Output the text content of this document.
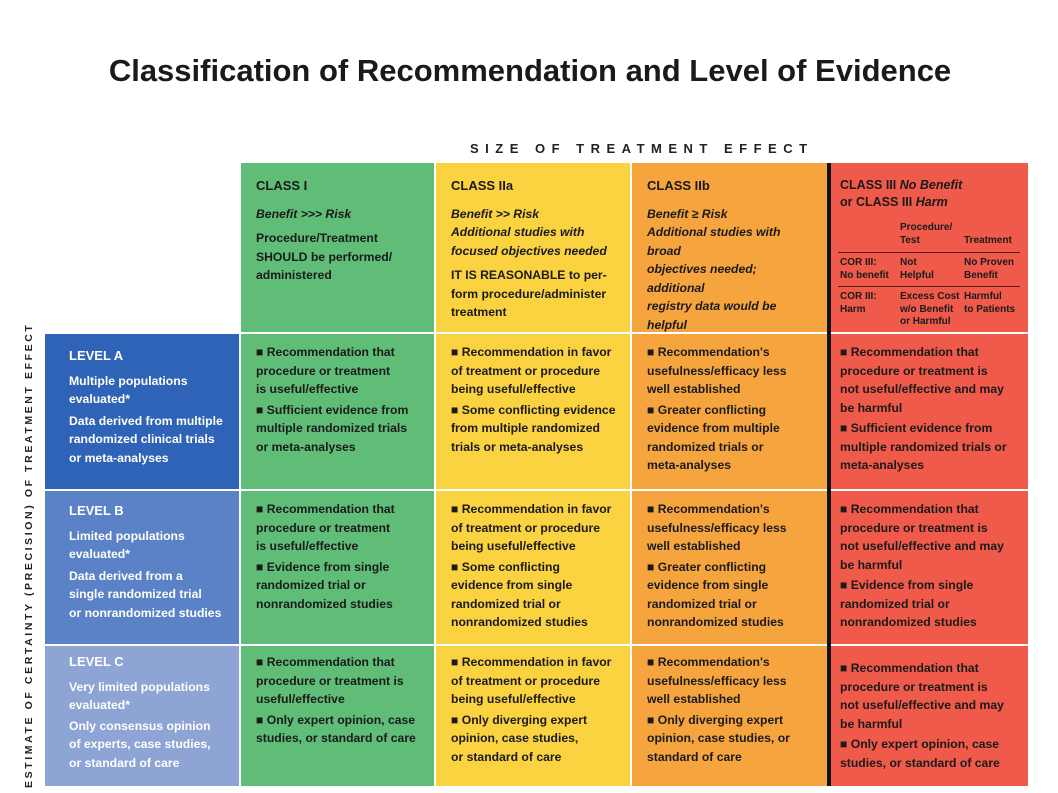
Classification of Recommendation and Level of Evidence
SIZE OF TREATMENT EFFECT
ESTIMATE OF CERTAINTY (PRECISION) OF TREATMENT EFFECT
CLASS I
Benefit >>> Risk
Procedure/Treatment
SHOULD be performed/
administered
CLASS IIa
Benefit >> Risk
Additional studies with
focused objectives needed
IT IS REASONABLE to per-
form procedure/administer
treatment
CLASS IIb
Benefit ≥ Risk
Additional studies with broad
objectives needed; additional
registry data would be helpful
CLASS III No Benefit
or CLASS III Harm
Procedure/
Test	Treatment
COR III:
No benefit
Not
Helpful
No Proven
Benefit
COR III:
Harm
Excess Cost
w/o Benefit
or Harmful
Harmful
to Patients
LEVEL A
Multiple populations
evaluated*
Data derived from multiple
randomized clinical trials
or meta-analyses
LEVEL B
Limited populations
evaluated*
Data derived from a
single randomized trial
or nonrandomized studies
LEVEL C
Very limited populations
evaluated*
Only consensus opinion
of experts, case studies,
or standard of care
■ Recommendation that
procedure or treatment
is useful/effective
■ Sufficient evidence from
multiple randomized trials
or meta-analyses
■ Recommendation in favor
of treatment or procedure
being useful/effective
■ Some conflicting evidence
from multiple randomized
trials or meta-analyses
■ Recommendation's
usefulness/efficacy less
well established
■ Greater conflicting
evidence from multiple
randomized trials or
meta-analyses
■ Recommendation that
procedure or treatment is
not useful/effective and may
be harmful
■ Sufficient evidence from
multiple randomized trials or
meta-analyses
■ Recommendation that
procedure or treatment
is useful/effective
■ Evidence from single
randomized trial or
nonrandomized studies
■ Recommendation in favor
of treatment or procedure
being useful/effective
■ Some conflicting
evidence from single
randomized trial or
nonrandomized studies
■ Recommendation's
usefulness/efficacy less
well established
■ Greater conflicting
evidence from single
randomized trial or
nonrandomized studies
■ Recommendation that
procedure or treatment is
not useful/effective and may
be harmful
■ Evidence from single
randomized trial or
nonrandomized studies
■ Recommendation that
procedure or treatment is
useful/effective
■ Only expert opinion, case
studies, or standard of care
■ Recommendation in favor
of treatment or procedure
being useful/effective
■ Only diverging expert
opinion, case studies,
or standard of care
■ Recommendation's
usefulness/efficacy less
well established
■ Only diverging expert
opinion, case studies, or
standard of care
■ Recommendation that
procedure or treatment is
not useful/effective and may
be harmful
■ Only expert opinion, case
studies, or standard of care
